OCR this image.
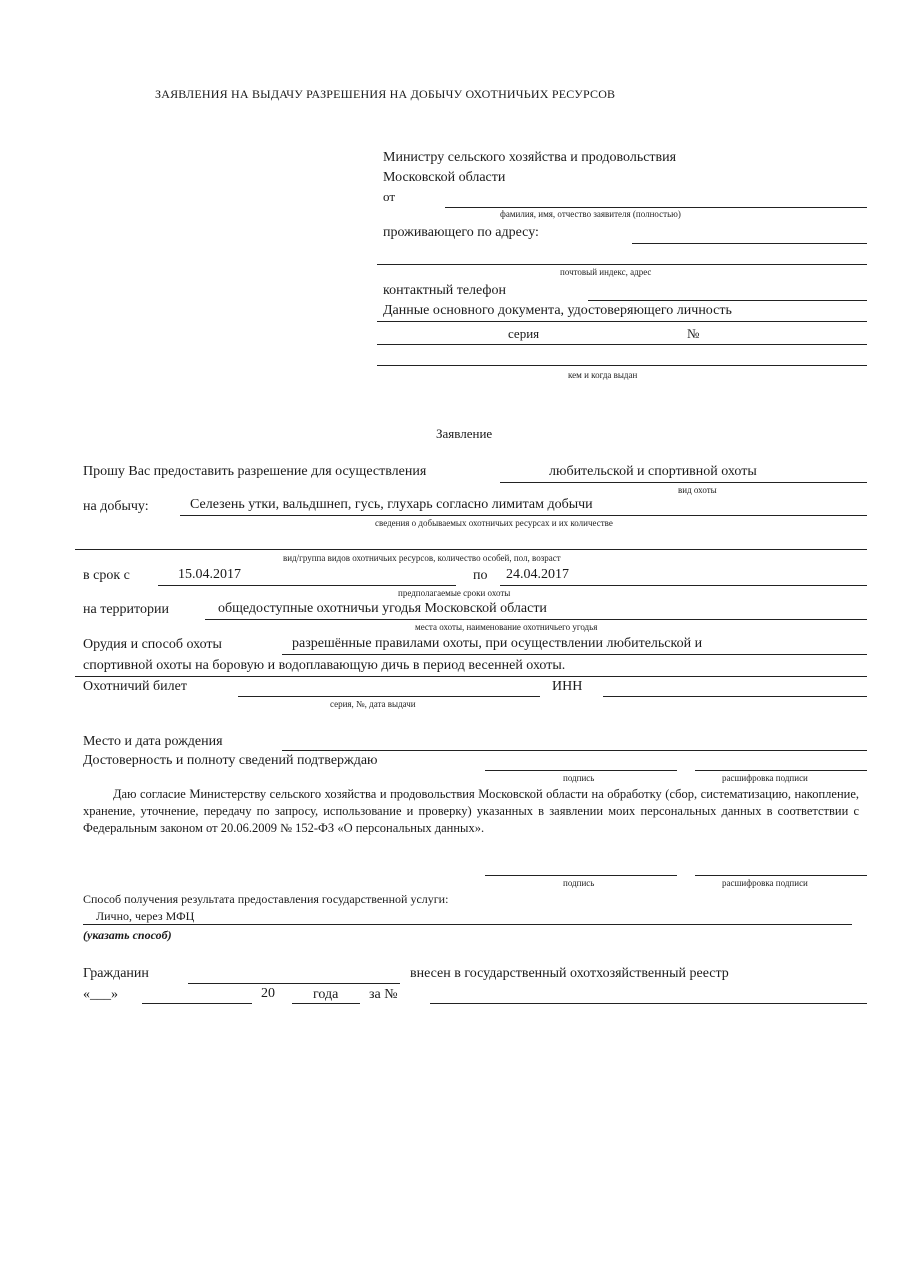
ЗАЯВЛЕНИЯ НА ВЫДАЧУ РАЗРЕШЕНИЯ НА ДОБЫЧУ ОХОТНИЧЬИХ РЕСУРСОВ
Министру сельского хозяйства и продовольствия
Московской области
от
фамилия, имя, отчество заявителя (полностью)
проживающего по адресу:
почтовый индекс, адрес
контактный телефон
Данные основного документа, удостоверяющего личность
серия	№
кем и когда выдан
Заявление
Прошу Вас предоставить разрешение для осуществления	любительской и спортивной охоты
вид охоты
на добычу:	Селезень утки, вальдшнеп, гусь, глухарь согласно лимитам добычи
сведения о добываемых охотничьих ресурсах и их количестве
вид/группа видов охотничьих ресурсов, количество особей, пол, возраст
в срок с	15.04.2017	по 24.04.2017
предполагаемые сроки охоты
на территории	общедоступные охотничьи угодья Московской области
места охоты, наименование охотничьего угодья
Орудия и способ охоты	разрешённые правилами охоты, при осуществлении любительской и
спортивной охоты на боровую и водоплавающую дичь в период весенней охоты.
Охотничий билет	ИНН
серия, №, дата выдачи
Место и дата рождения
Достоверность и полноту сведений подтверждаю
подпись	расшифровка подписи

Даю согласие Министерству сельского хозяйства и продовольствия Московской области на обработку (сбор, систематизацию, накопление, хранение, уточнение, передачу по запросу, использование и проверку) указанных в заявлении моих персональных данных в соответствии с Федеральным законом от 20.06.2009 № 152-ФЗ «О персональных данных».

подпись	расшифровка подписи
Способ получения результата предоставления государственной услуги:
Лично, через МФЦ
(указать способ)
Гражданин	внесен в государственный охотхозяйственный реестр
«___»	20	года за №
